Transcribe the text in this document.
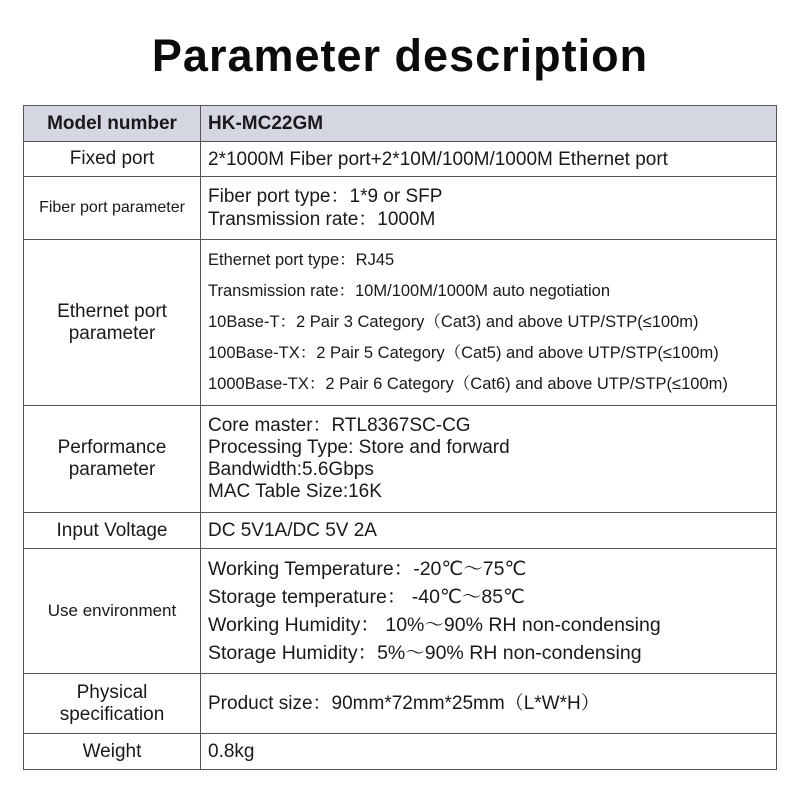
Parameter description
Model number	HK-MC22GM

Fixed port	2*1000M Fiber port+2*10M/100M/1000M Ethernet port

Fiber port parameter	Fiber port type：1*9 or SFP
Transmission rate：1000M

Ethernet port parameter	Ethernet port type：RJ45
Transmission rate：10M/100M/1000M auto negotiation
10Base-T：2 Pair 3 Category（Cat3) and above UTP/STP(≤100m)
100Base-TX：2 Pair 5 Category（Cat5) and above UTP/STP(≤100m)
1000Base-TX：2 Pair 6 Category（Cat6) and above UTP/STP(≤100m)

Performance parameter	Core master：RTL8367SC-CG
Processing Type: Store and forward
Bandwidth:5.6Gbps
MAC Table Size:16K

Input Voltage	DC 5V1A/DC 5V 2A

Use environment	Working Temperature：-20℃～75℃
Storage temperature： -40℃～85℃
Working Humidity： 10%～90% RH non-condensing
Storage Humidity：5%～90% RH non-condensing

Physical specification	Product size：90mm*72mm*25mm（L*W*H）

Weight	0.8kg
